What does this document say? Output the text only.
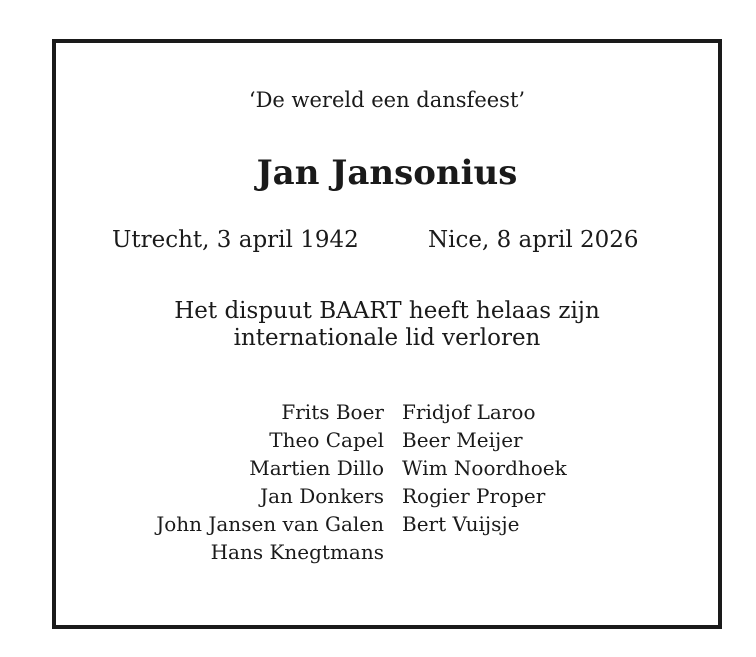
‘De wereld een dansfeest’
Jan Jansonius
Utrecht, 3 april 1942	Nice, 8 april 2026
Het dispuut BAART heeft helaas zijn
internationale lid verloren
Frits Boer
Theo Capel
Martien Dillo
Jan Donkers
John Jansen van Galen
Hans Knegtmans
Fridjof Laroo
Beer Meijer
Wim Noordhoek
Rogier Proper
Bert Vuijsje
